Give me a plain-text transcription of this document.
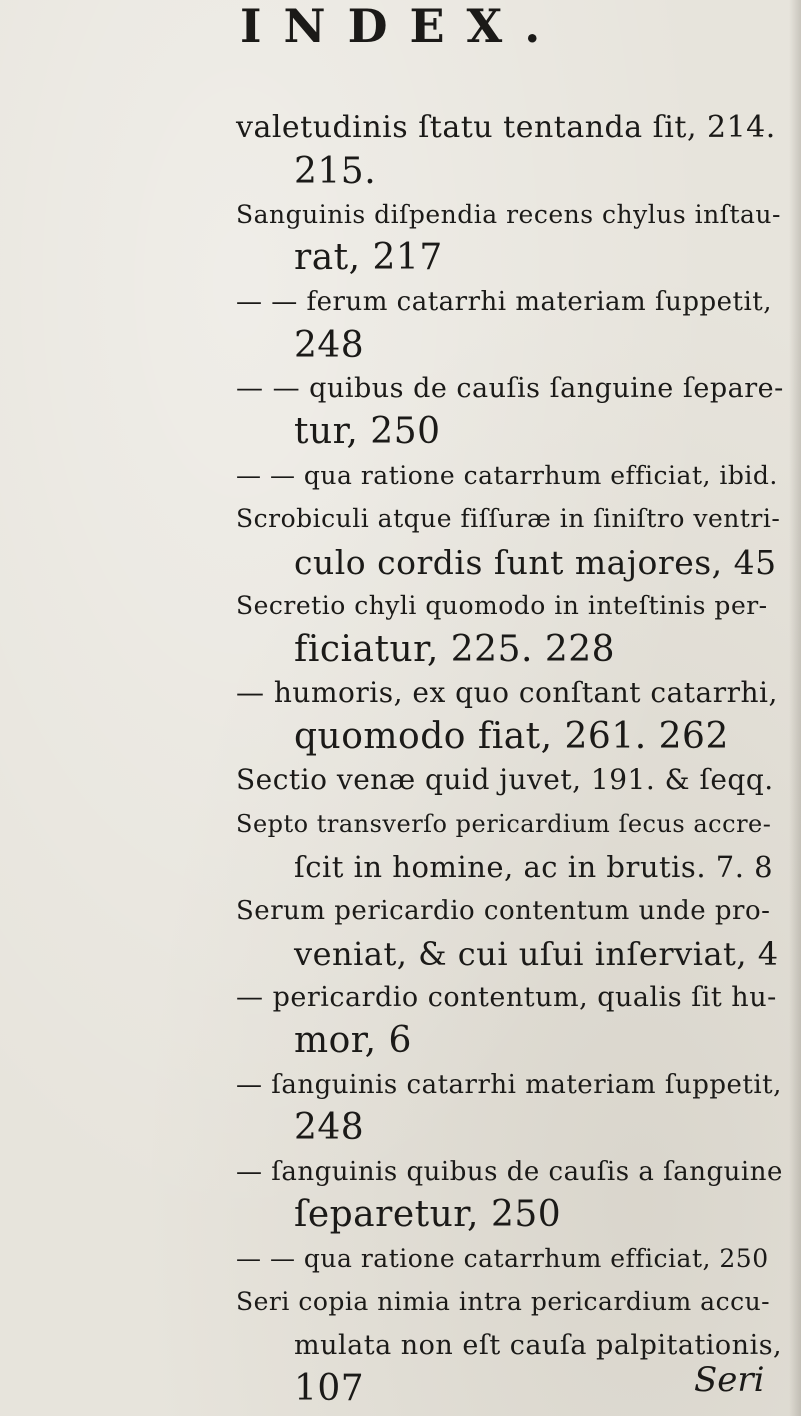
INDEX.
valetudinis ſtatu tentanda ſit, 214.
215.
Sanguinis diſpendia recens chylus inſtau-
rat, 217
— — ferum catarrhi materiam ſuppetit,
248
— — quibus de cauſis ſanguine ſepare-
tur, 250
— — qua ratione catarrhum efficiat, ibid.
Scrobiculi atque fiſſuræ in ſiniſtro ventri-
culo cordis ſunt majores, 45
Secretio chyli quomodo in inteſtinis per-
ficiatur, 225. 228
— humoris, ex quo conſtant catarrhi,
quomodo fiat, 261. 262
Sectio venæ quid juvet, 191. & ſeqq.
Septo transverſo pericardium ſecus accre-
ſcit in homine, ac in brutis. 7. 8
Serum pericardio contentum unde pro-
veniat, & cui uſui inſerviat, 4
— pericardio contentum, qualis ſit hu-
mor, 6
— ſanguinis catarrhi materiam ſuppetit,
248
— ſanguinis quibus de cauſis a ſanguine
ſeparetur, 250
— — qua ratione catarrhum efficiat, 250
Seri copia nimia intra pericardium accu-
mulata non eſt cauſa palpitationis,
107	Seri
